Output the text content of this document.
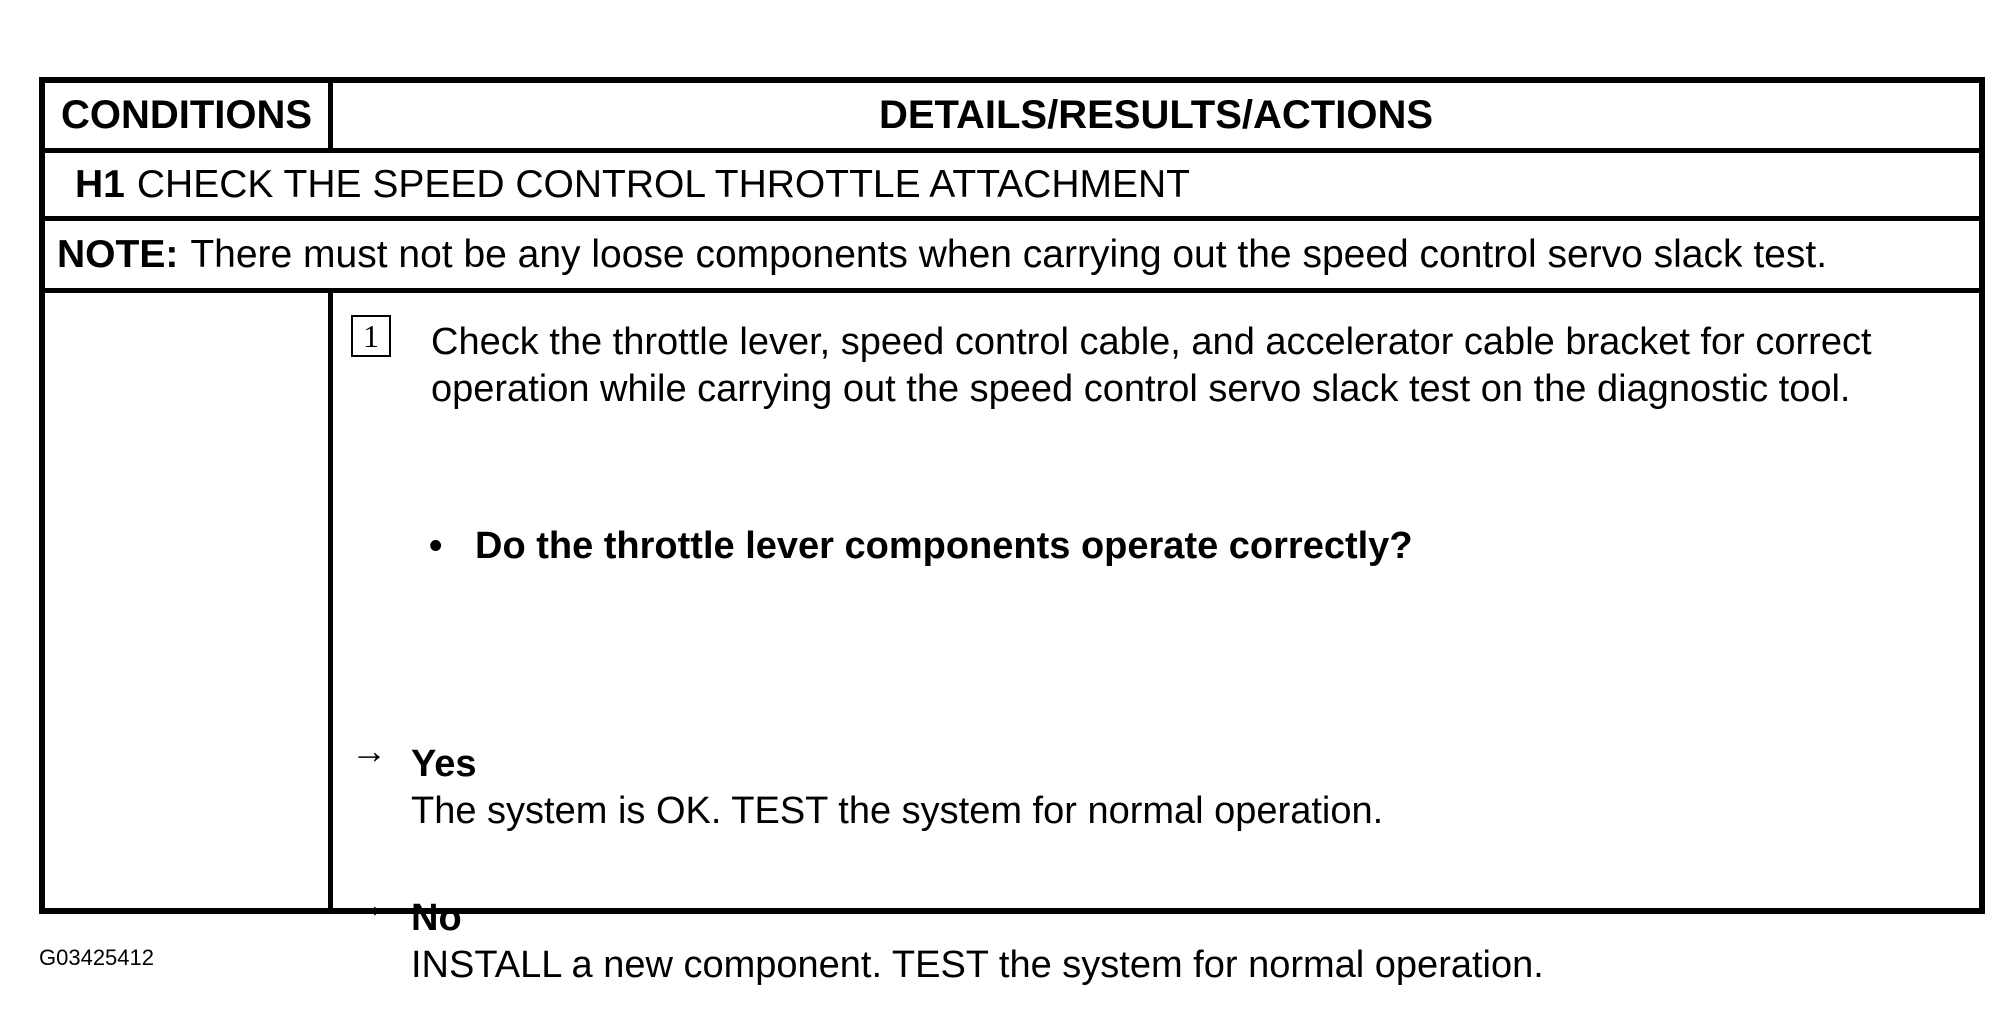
CONDITIONS	DETAILS/RESULTS/ACTIONS
H1 CHECK THE SPEED CONTROL THROTTLE ATTACHMENT
NOTE: There must not be any loose components when carrying out the speed control servo slack test.
1	Check the throttle lever, speed control cable, and accelerator cable bracket for correct operation while carrying out the speed control servo slack test on the diagnostic tool.
• Do the throttle lever components operate correctly?
→ Yes
The system is OK. TEST the system for normal operation.
→ No
INSTALL a new component. TEST the system for normal operation.
G03425412
